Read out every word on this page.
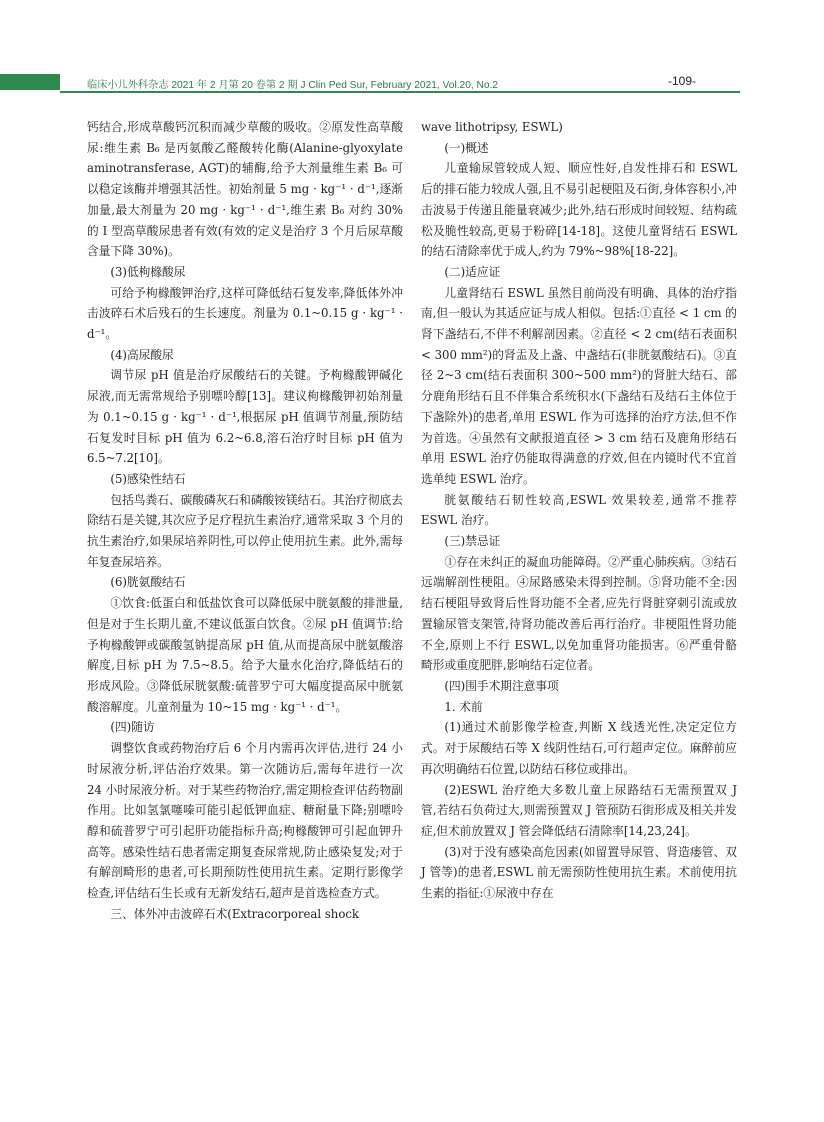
临床小儿外科杂志 2021 年 2 月第 20 卷第 2 期 J Clin Ped Sur, February 2021, Vol.20, No.2	-109-

钙结合,形成草酸钙沉积而减少草酸的吸收。②原发性高草酸尿:维生素 B₆ 是丙氨酸乙醛酸转化酶(Alanine-glyoxylate aminotransferase, AGT)的辅酶,给予大剂量维生素 B₆ 可以稳定该酶并增强其活性。初始剂量 5 mg · kg⁻¹ · d⁻¹,逐渐加量,最大剂量为 20 mg · kg⁻¹ · d⁻¹,维生素 B₆ 对约 30% 的 Ⅰ 型高草酸尿患者有效(有效的定义是治疗 3 个月后尿草酸含量下降 30%)。

(3)低枸橼酸尿

可给予枸橼酸钾治疗,这样可降低结石复发率,降低体外冲击波碎石术后残石的生长速度。剂量为 0.1~0.15 g · kg⁻¹ · d⁻¹。

(4)高尿酸尿

调节尿 pH 值是治疗尿酸结石的关键。予枸橼酸钾碱化尿液,而无需常规给予别嘌呤醇[13]。建议枸橼酸钾初始剂量为 0.1~0.15 g · kg⁻¹ · d⁻¹,根据尿 pH 值调节剂量,预防结石复发时目标 pH 值为 6.2~6.8,溶石治疗时目标 pH 值为 6.5~7.2[10]。

(5)感染性结石

包括鸟粪石、碳酸磷灰石和磷酸铵镁结石。其治疗彻底去除结石是关键,其次应予足疗程抗生素治疗,通常采取 3 个月的抗生素治疗,如果尿培养阴性,可以停止使用抗生素。此外,需每年复查尿培养。

(6)胱氨酸结石

①饮食:低蛋白和低盐饮食可以降低尿中胱氨酸的排泄量,但是对于生长期儿童,不建议低蛋白饮食。②尿 pH 值调节:给予枸橼酸钾或碳酸氢钠提高尿 pH 值,从而提高尿中胱氨酸溶解度,目标 pH 为 7.5~8.5。给予大量水化治疗,降低结石的形成风险。③降低尿胱氨酸:硫普罗宁可大幅度提高尿中胱氨酸溶解度。儿童剂量为 10~15 mg · kg⁻¹ · d⁻¹。

(四)随访

调整饮食或药物治疗后 6 个月内需再次评估,进行 24 小时尿液分析,评估治疗效果。第一次随访后,需每年进行一次 24 小时尿液分析。对于某些药物治疗,需定期检查评估药物副作用。比如氢氯噻嗪可能引起低钾血症、糖耐量下降;别嘌呤醇和硫普罗宁可引起肝功能指标升高;枸橼酸钾可引起血钾升高等。感染性结石患者需定期复查尿常规,防止感染复发;对于有解剖畸形的患者,可长期预防性使用抗生素。定期行影像学检查,评估结石生长或有无新发结石,超声是首选检查方式。

三、体外冲击波碎石术(Extracorporeal shock

wave lithotripsy, ESWL)

(一)概述

儿童输尿管较成人短、顺应性好,自发性排石和 ESWL 后的排石能力较成人强,且不易引起梗阻及石街,身体容积小,冲击波易于传递且能量衰减少;此外,结石形成时间较短、结构疏松及脆性较高,更易于粉碎[14-18]。这使儿童肾结石 ESWL 的结石清除率优于成人,约为 79%~98%[18-22]。

(二)适应证

儿童肾结石 ESWL 虽然目前尚没有明确、具体的治疗指南,但一般认为其适应证与成人相似。包括:①直径 < 1 cm 的肾下盏结石,不伴不利解剖因素。②直径 < 2 cm(结石表面积 < 300 mm²)的肾盂及上盏、中盏结石(非胱氨酸结石)。③直径 2~3 cm(结石表面积 300~500 mm²)的肾脏大结石、部分鹿角形结石且不伴集合系统积水(下盏结石及结石主体位于下盏除外)的患者,单用 ESWL 作为可选择的治疗方法,但不作为首选。④虽然有文献报道直径 > 3 cm 结石及鹿角形结石单用 ESWL 治疗仍能取得满意的疗效,但在内镜时代不宜首选单纯 ESWL 治疗。

胱氨酸结石韧性较高,ESWL 效果较差,通常不推荐 ESWL 治疗。

(三)禁忌证

①存在未纠正的凝血功能障碍。②严重心肺疾病。③结石远端解剖性梗阻。④尿路感染未得到控制。⑤肾功能不全:因结石梗阻导致肾后性肾功能不全者,应先行肾脏穿刺引流或放置输尿管支架管,待肾功能改善后再行治疗。非梗阻性肾功能不全,原则上不行 ESWL,以免加重肾功能损害。⑥严重骨骼畸形或重度肥胖,影响结石定位者。

(四)围手术期注意事项

1. 术前

(1)通过术前影像学检查,判断 X 线透光性,决定定位方式。对于尿酸结石等 X 线阴性结石,可行超声定位。麻醉前应再次明确结石位置,以防结石移位或排出。

(2)ESWL 治疗绝大多数儿童上尿路结石无需预置双 J 管,若结石负荷过大,则需预置双 J 管预防石街形成及相关并发症,但术前放置双 J 管会降低结石清除率[14,23,24]。

(3)对于没有感染高危因素(如留置导尿管、肾造瘘管、双 J 管等)的患者,ESWL 前无需预防性使用抗生素。术前使用抗生素的指征:①尿液中存在
